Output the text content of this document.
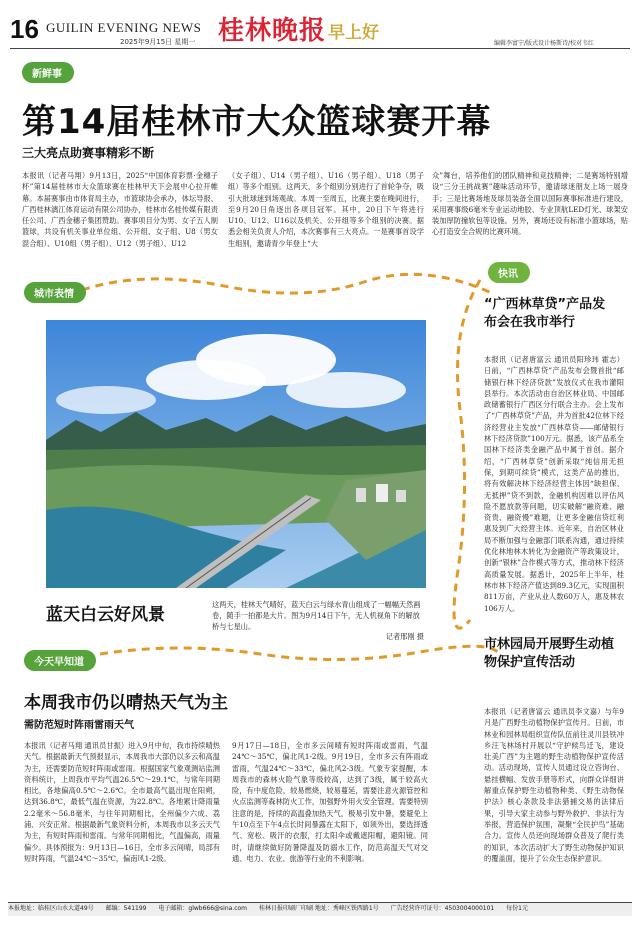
16 GUILIN EVENING NEWS
2025年9月15日 星期一 桂林晚报 早上好
编辑李富宁/版式设计杨斯诗/校对韦红
新鲜事
第14届桂林市大众篮球赛开幕
三大亮点助赛事精彩不断
本报讯（记者马翔）9月13日，2025“中国体育彩票·金穗子杯”第14届桂林市大众篮球赛在桂林甲天下会展中心拉开帷幕。本届赛事由市体育局主办，市篮球协会承办，体坛导报、广西桂林漓江体育运动有限公司协办，桂林市名桂传媒有限责任公司、广西金穗子集团赞助。赛事项目分为男、女子五人制篮球，共设有机关事业单位组、公开组、女子组、U8（男女混合组）、U10组（男子组）、U12（男子组）、U12
（女子组）、U14（男子组）、U16（男子组）、U18（男子组）等多个组别。这两天，多个组别分别进行了首轮争夺，吸引大批球迷到场观战。本周一至周五，比赛主要在晚间进行，至9月20日角逐出各项目冠军。其中，20日下午将进行U10、U12、U16以及机关、公开组等多个组别的决赛。据悉会相关负责人介绍，本次赛事有三大亮点。一是赛事首设学生组别，邀请青少年登上“大
众”舞台，培养他们的团队精神和竞技精神；二是赛场特别增设“三分王挑战赛”趣味活动环节，邀请球迷朋友上场一展身手；三是比赛场地及球员装备全面以国际赛事标准进行建设，采用赛事级6毫米专业运动地胶、专业顶航LED灯光、球架安装加厚防撞软包等设施。另外，赛场还设有标准小篮球场，贴心打造安全合规的比赛环境。
城市表情
蓝天白云好风景
这两天，桂林天气晴好，蓝天白云与绿水青山组成了一幅幅天然画卷，随手一拍都是大片。图为9月14日下午，无人机视角下的解放桥与七星山。
记者邢刚 摄
今天早知道
本周我市仍以晴热天气为主
需防范短时阵雨雷雨天气
本报讯（记者马翔 通讯员甘振）进入9月中旬，我市持续晴热天气。根据最新天气预报显示，本周我市大部仍以多云和高温为主，还需要防范短时阵雨或雷雨。根据国家气象观测站监测资料统计，上周我市平均气温26.5℃～29.1℃，与常年同期相比，各地偏高0.5℃～2.6℃。全市最高气温出现在阳朔，达到36.8℃，最低气温在资源，为22.8℃。各地累计降雨量2.2毫米～56.8毫米，与往年同期相比，全州偏少六成、荔浦、兴安正常。根据最新气象资料分析，本周我市以多云天气为主，有短时阵雨和雷雨。与常年同期相比，气温偏高，雨量偏少。具体预报为：9月13日—16日，全市多云间晴，局部有短时阵雨，气温24℃～35℃，偏南风1-2级。
9月17日—18日，全市多云间晴有短时阵雨或雷雨，气温24℃～35℃，偏北风1-2级。9月19日，全市多云有阵雨或雷雨，气温24℃～33℃，偏北风2-3级。气象专家提醒，本周我市的森林火险气象等级较高，达到了3级，属于较高火险，有中度危险，较易燃烧，较易蔓延，需要注意火源管控和火点监测等森林防火工作，加强野外用火安全管理。需要特别注意的是，持续的高温叠加热天气，极易引发中暑，要避免上午10点至下午4点长时间暴露在太阳下，如须外出，要选择透气、宽松、吸汗的衣服，打太阳伞或戴遮阳帽，避阳镜。同时，请继续做好防暑降温及防溺水工作，防范高温天气对交通、电力、农业、旅游等行业的不利影响。
快讯
“广西林草贷”产品发布会在我市举行
本报讯（记者唐富云 通讯员阳珍玮 霍志）日前，“广西林草贷”产品发布会暨首批“邮储银行林下经济贷款”发放仪式在我市灌阳县举行。本次活动由自治区林业局、中国邮政储蓄银行广西区分行联合主办。会上发布了“广西林草贷”产品，并为首批42位林下经济经营业主发放“广西林草贷——邮储银行林下经济贷款”100万元。据悉，该产品系全国林下经济类金融产品中属于首创。据介绍，“广西林草贷”创新采取“纯信用无担保，到期可续贷”模式，这类产品的推出，将有效解决林下经济经营主体因“缺担保、无抵押”贷不到款，金融机构因难以评估风险不愿放款等问题，切实破解“融资难、融资贵、融资慢”难题，让更多金融信贷红利惠及到广大经营主体。近年来，自治区林业局不断加强与金融部门联系沟通，通过持续优化林地林木转化为金融资产等政策设计，创新“银林”合作模式等方式，推动林下经济高质量发展。据悉计，2025年上半年，桂林市林下经济产值达到89.3亿元，实现面积811万亩，产业从业人数60万人，惠及林农106万人。
市林园局开展野生动植物保护宣传活动
本报讯（记者唐富云 通讯员李文嘉）与年9月是广西野生动植物保护宣传月。日前，市林业和园林局组织宣传队伍前往灵川县铁冲乡汪飞林场村开展以“守护候鸟迁飞，建设壮美广西”为主题的野生动植物保护宣传活动。活动现场，宣传人员通过设立咨询台、悬挂横幅、发放手册等形式，向群众详细讲解重点保护野生动植物种类、《野生动物保护法》核心条款及非法猎捕交易的法律后果，引导大家主动参与野外救护、非法行为举报，营造保护氛围，凝聚“全民护鸟”基础合力。宣传人员还向现场群众普及了爬行类的知识，本次活动扩大了野生动物保护知识的覆盖面，提升了公众生态保护意识。
本报地址：临桂区山水大道49号 邮编：541199 电子邮箱：glwb666@sina.com 桂林日报印刷厂印刷 地址：秀峰区铁西路1号 广告经营许可证号：4503004000101 每份1元
